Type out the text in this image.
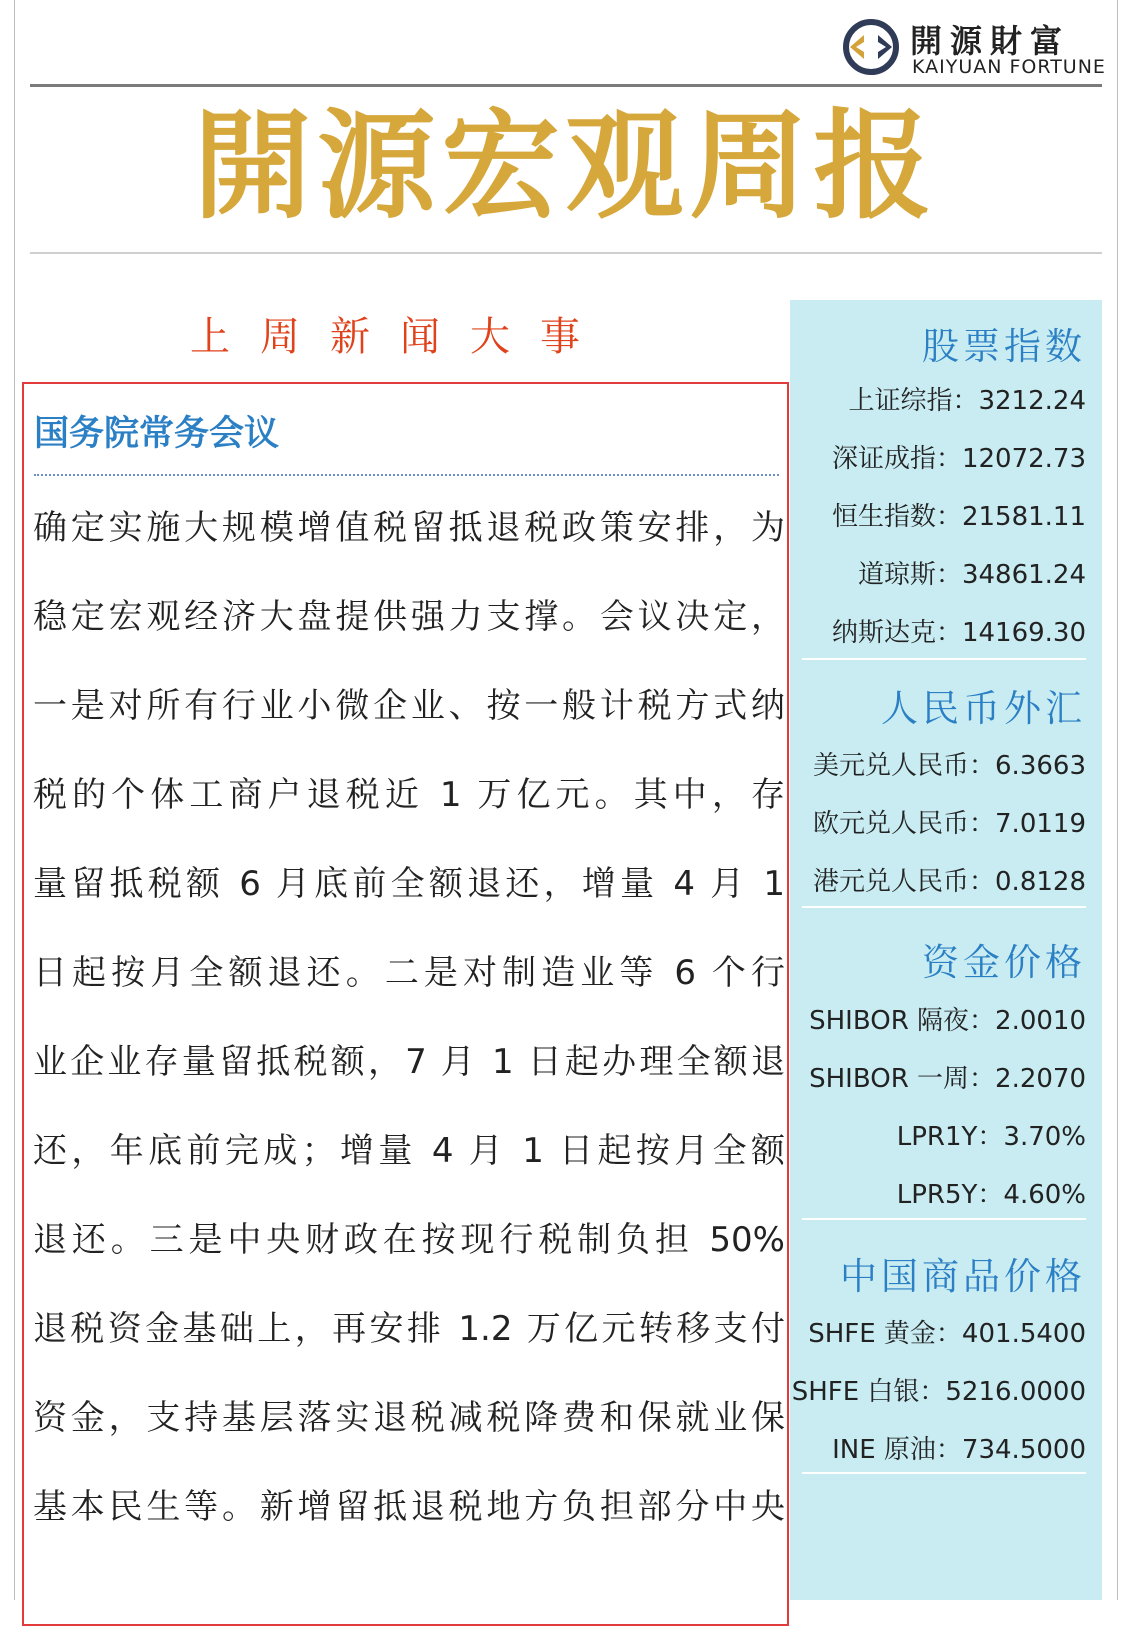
開源財富
KAIYUAN FORTUNE
開源宏观周报
上周新闻大事
国务院常务会议
确定实施大规模增值税留抵退税政策安排，为
稳定宏观经济大盘提供强力支撑。会议决定，
一是对所有行业小微企业、按一般计税方式纳
税的个体工商户退税近 1 万亿元。其中，存
量留抵税额 6 月底前全额退还，增量 4 月 1
日起按月全额退还。二是对制造业等 6 个行
业企业存量留抵税额，7 月 1 日起办理全额退
还，年底前完成；增量 4 月 1 日起按月全额
退还。三是中央财政在按现行税制负担 50%
退税资金基础上，再安排 1.2 万亿元转移支付
资金，支持基层落实退税减税降费和保就业保
基本民生等。新增留抵退税地方负担部分中央
股票指数
上证综指：3212.24
深证成指：12072.73
恒生指数：21581.11
道琼斯：34861.24
纳斯达克：14169.30
人民币外汇
美元兑人民币：6.3663
欧元兑人民币：7.0119
港元兑人民币：0.8128
资金价格
SHIBOR 隔夜：2.0010
SHIBOR 一周：2.2070
LPR1Y：3.70%
LPR5Y：4.60%
中国商品价格
SHFE 黄金：401.5400
SHFE 白银：5216.0000
INE 原油：734.5000
